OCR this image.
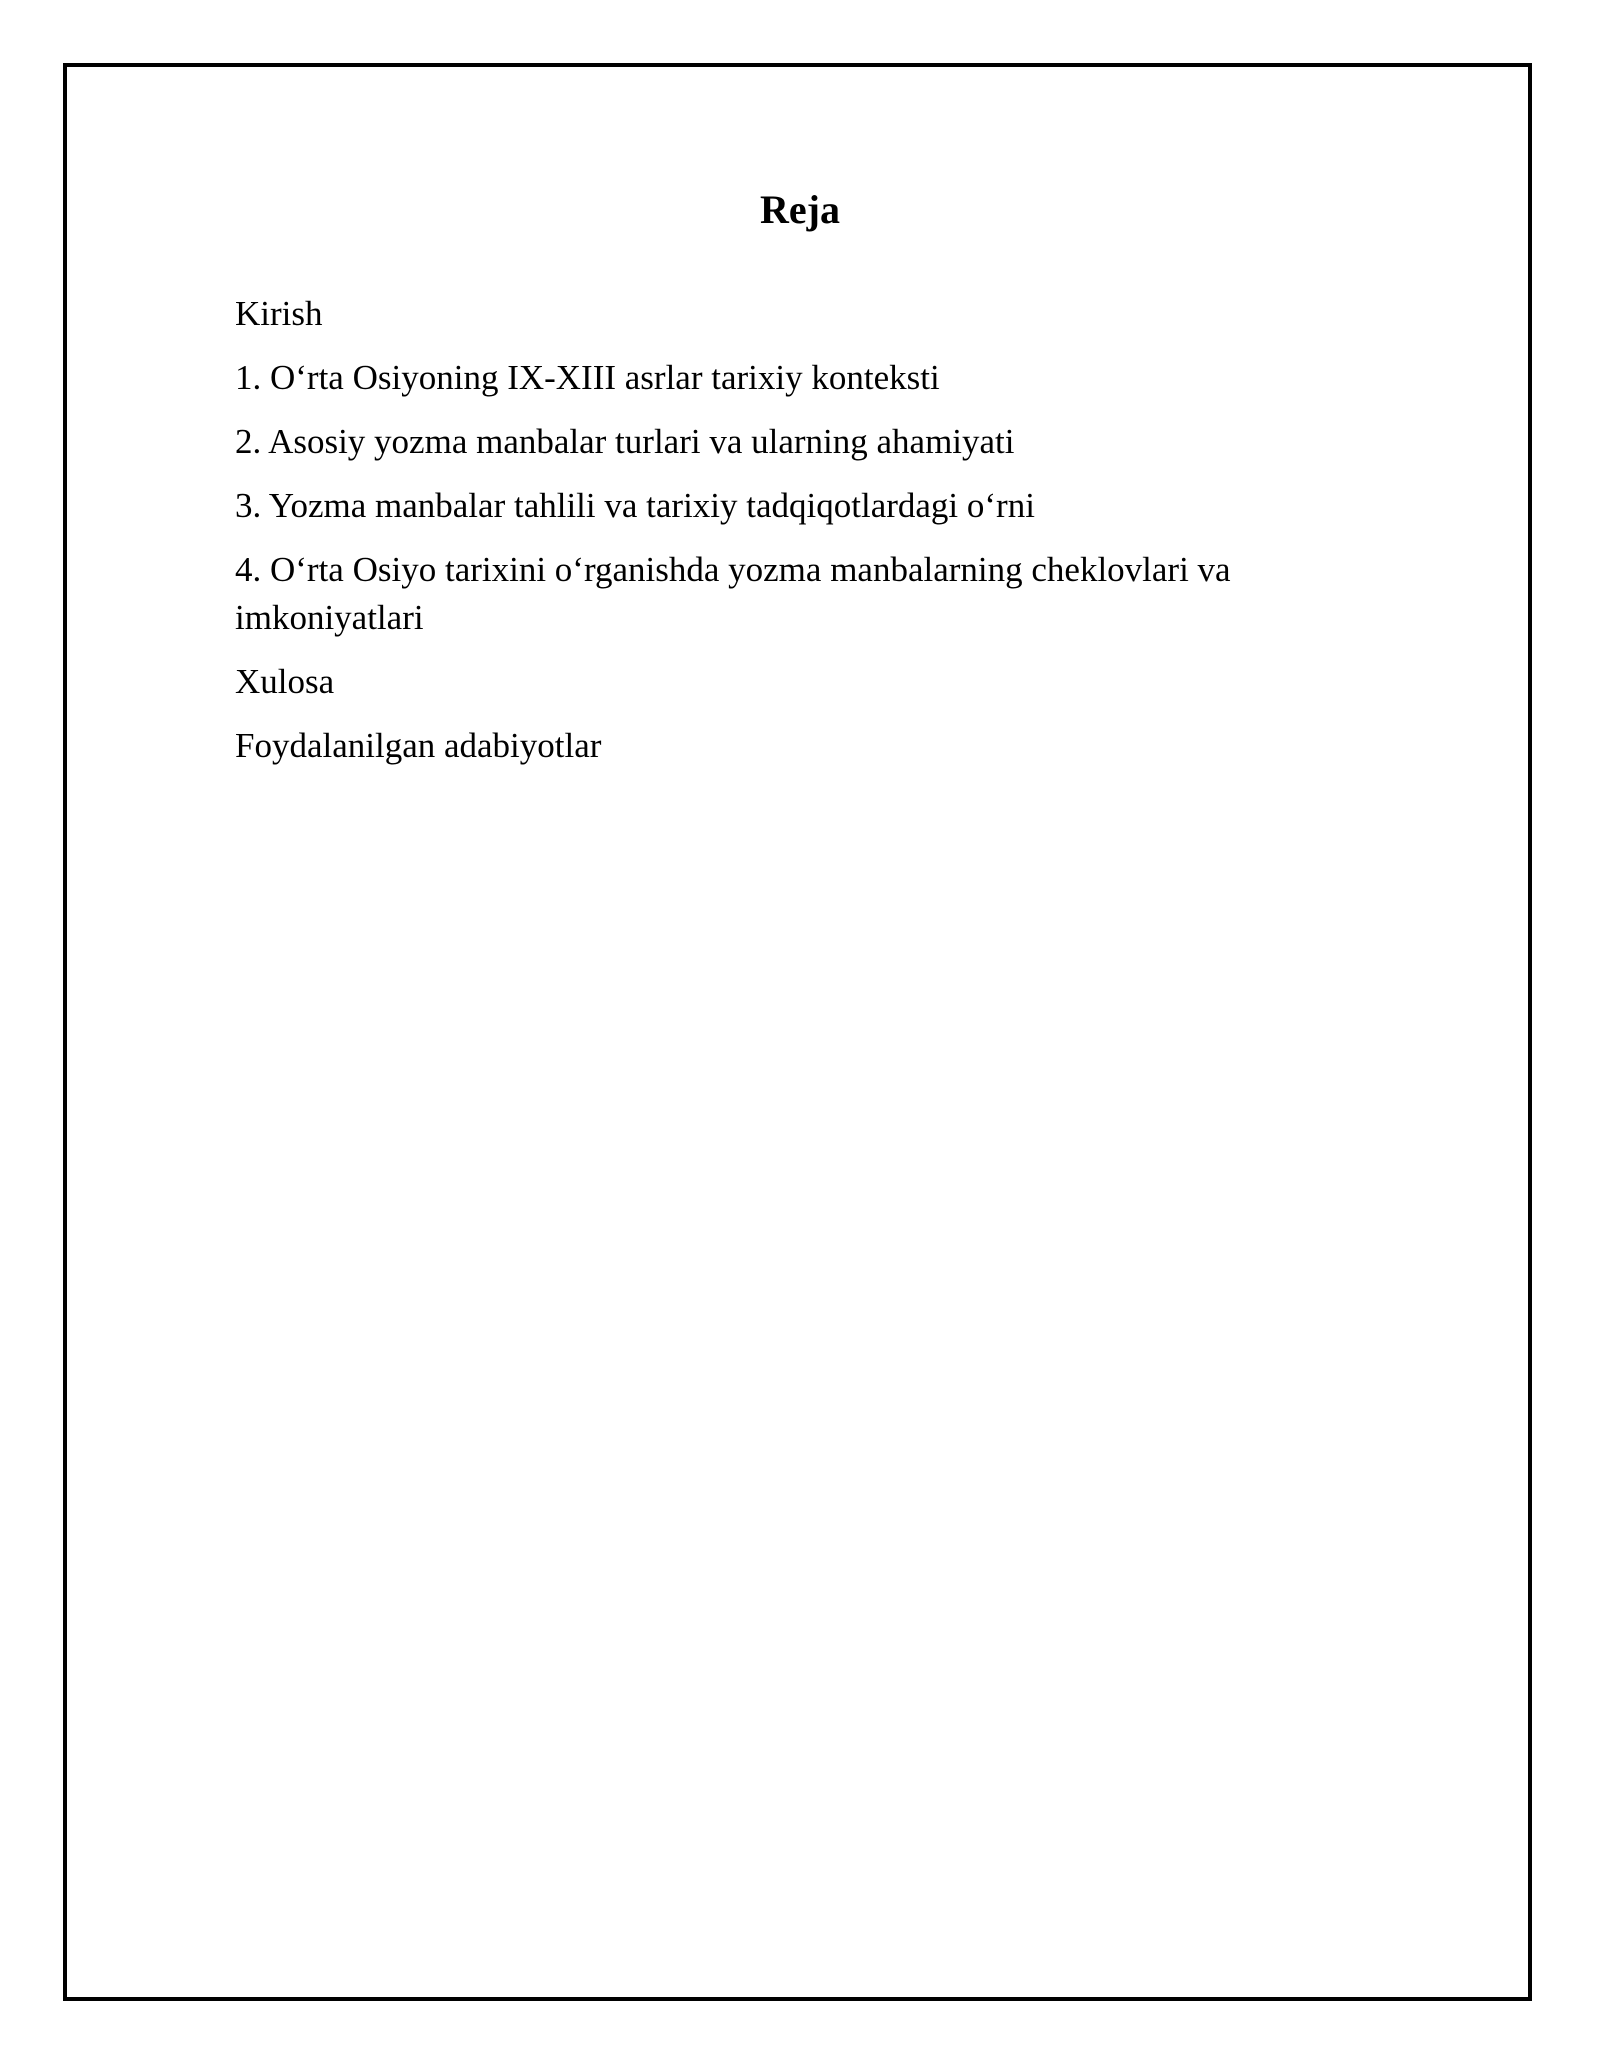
Reja
Kirish
1. O‘rta Osiyoning IX-XIII asrlar tarixiy konteksti
2. Asosiy yozma manbalar turlari va ularning ahamiyati
3. Yozma manbalar tahlili va tarixiy tadqiqotlardagi o‘rni
4. O‘rta Osiyo tarixini o‘rganishda yozma manbalarning cheklovlari va imkoniyatlari
Xulosa
Foydalanilgan adabiyotlar
